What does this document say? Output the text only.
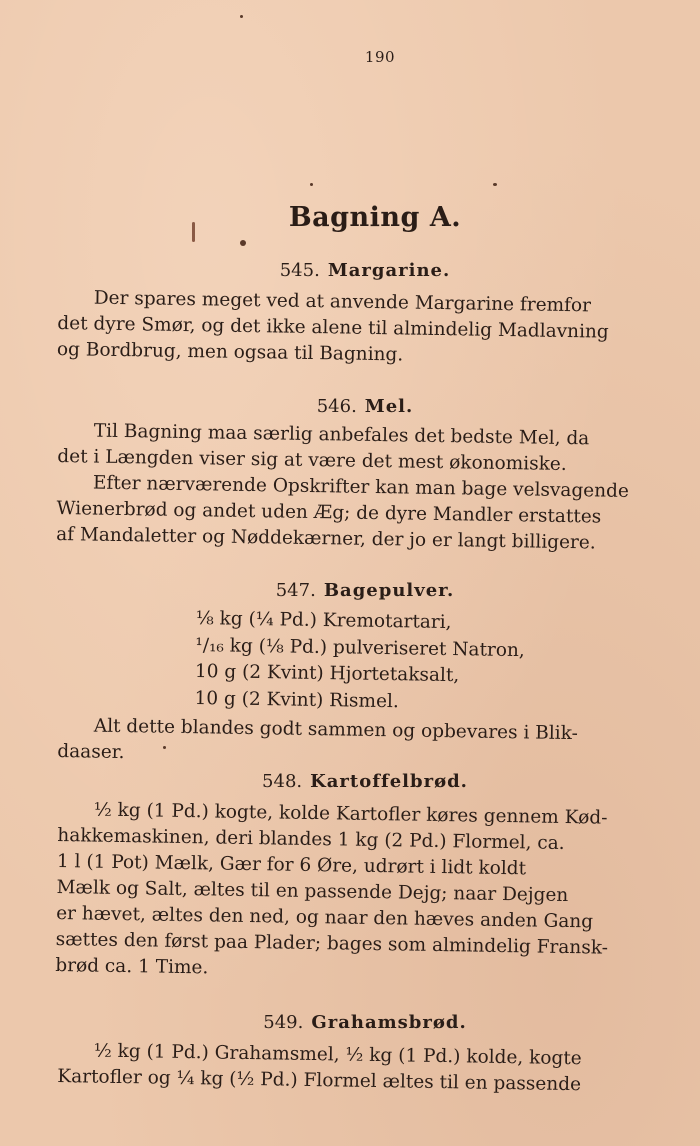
190
Bagning A.
545. Margarine.
Der spares meget ved at anvende Margarine fremfor
det dyre Smør, og det ikke alene til almindelig Madlavning
og Bordbrug, men ogsaa til Bagning.
546. Mel.
Til Bagning maa særlig anbefales det bedste Mel, da
det i Længden viser sig at være det mest økonomiske.
Efter nærværende Opskrifter kan man bage velsvagende
Wienerbrød og andet uden Æg; de dyre Mandler erstattes
af Mandaletter og Nøddekærner, der jo er langt billigere.
547. Bagepulver.
⅛ kg (¼ Pd.) Kremotartari,
¹/₁₆ kg (⅛ Pd.) pulveriseret Natron,
10 g (2 Kvint) Hjortetaksalt,
10 g (2 Kvint) Rismel.
Alt dette blandes godt sammen og opbevares i Blik-
daaser.
548. Kartoffelbrød.
½ kg (1 Pd.) kogte, kolde Kartofler køres gennem Kød-
hakkemaskinen, deri blandes 1 kg (2 Pd.) Flormel, ca.
1 l (1 Pot) Mælk, Gær for 6 Øre, udrørt i lidt koldt
Mælk og Salt, æltes til en passende Dejg; naar Dejgen
er hævet, æltes den ned, og naar den hæves anden Gang
sættes den først paa Plader; bages som almindelig Fransk-
brød ca. 1 Time.
549. Grahamsbrød.
½ kg (1 Pd.) Grahamsmel, ½ kg (1 Pd.) kolde, kogte
Kartofler og ¼ kg (½ Pd.) Flormel æltes til en passende
